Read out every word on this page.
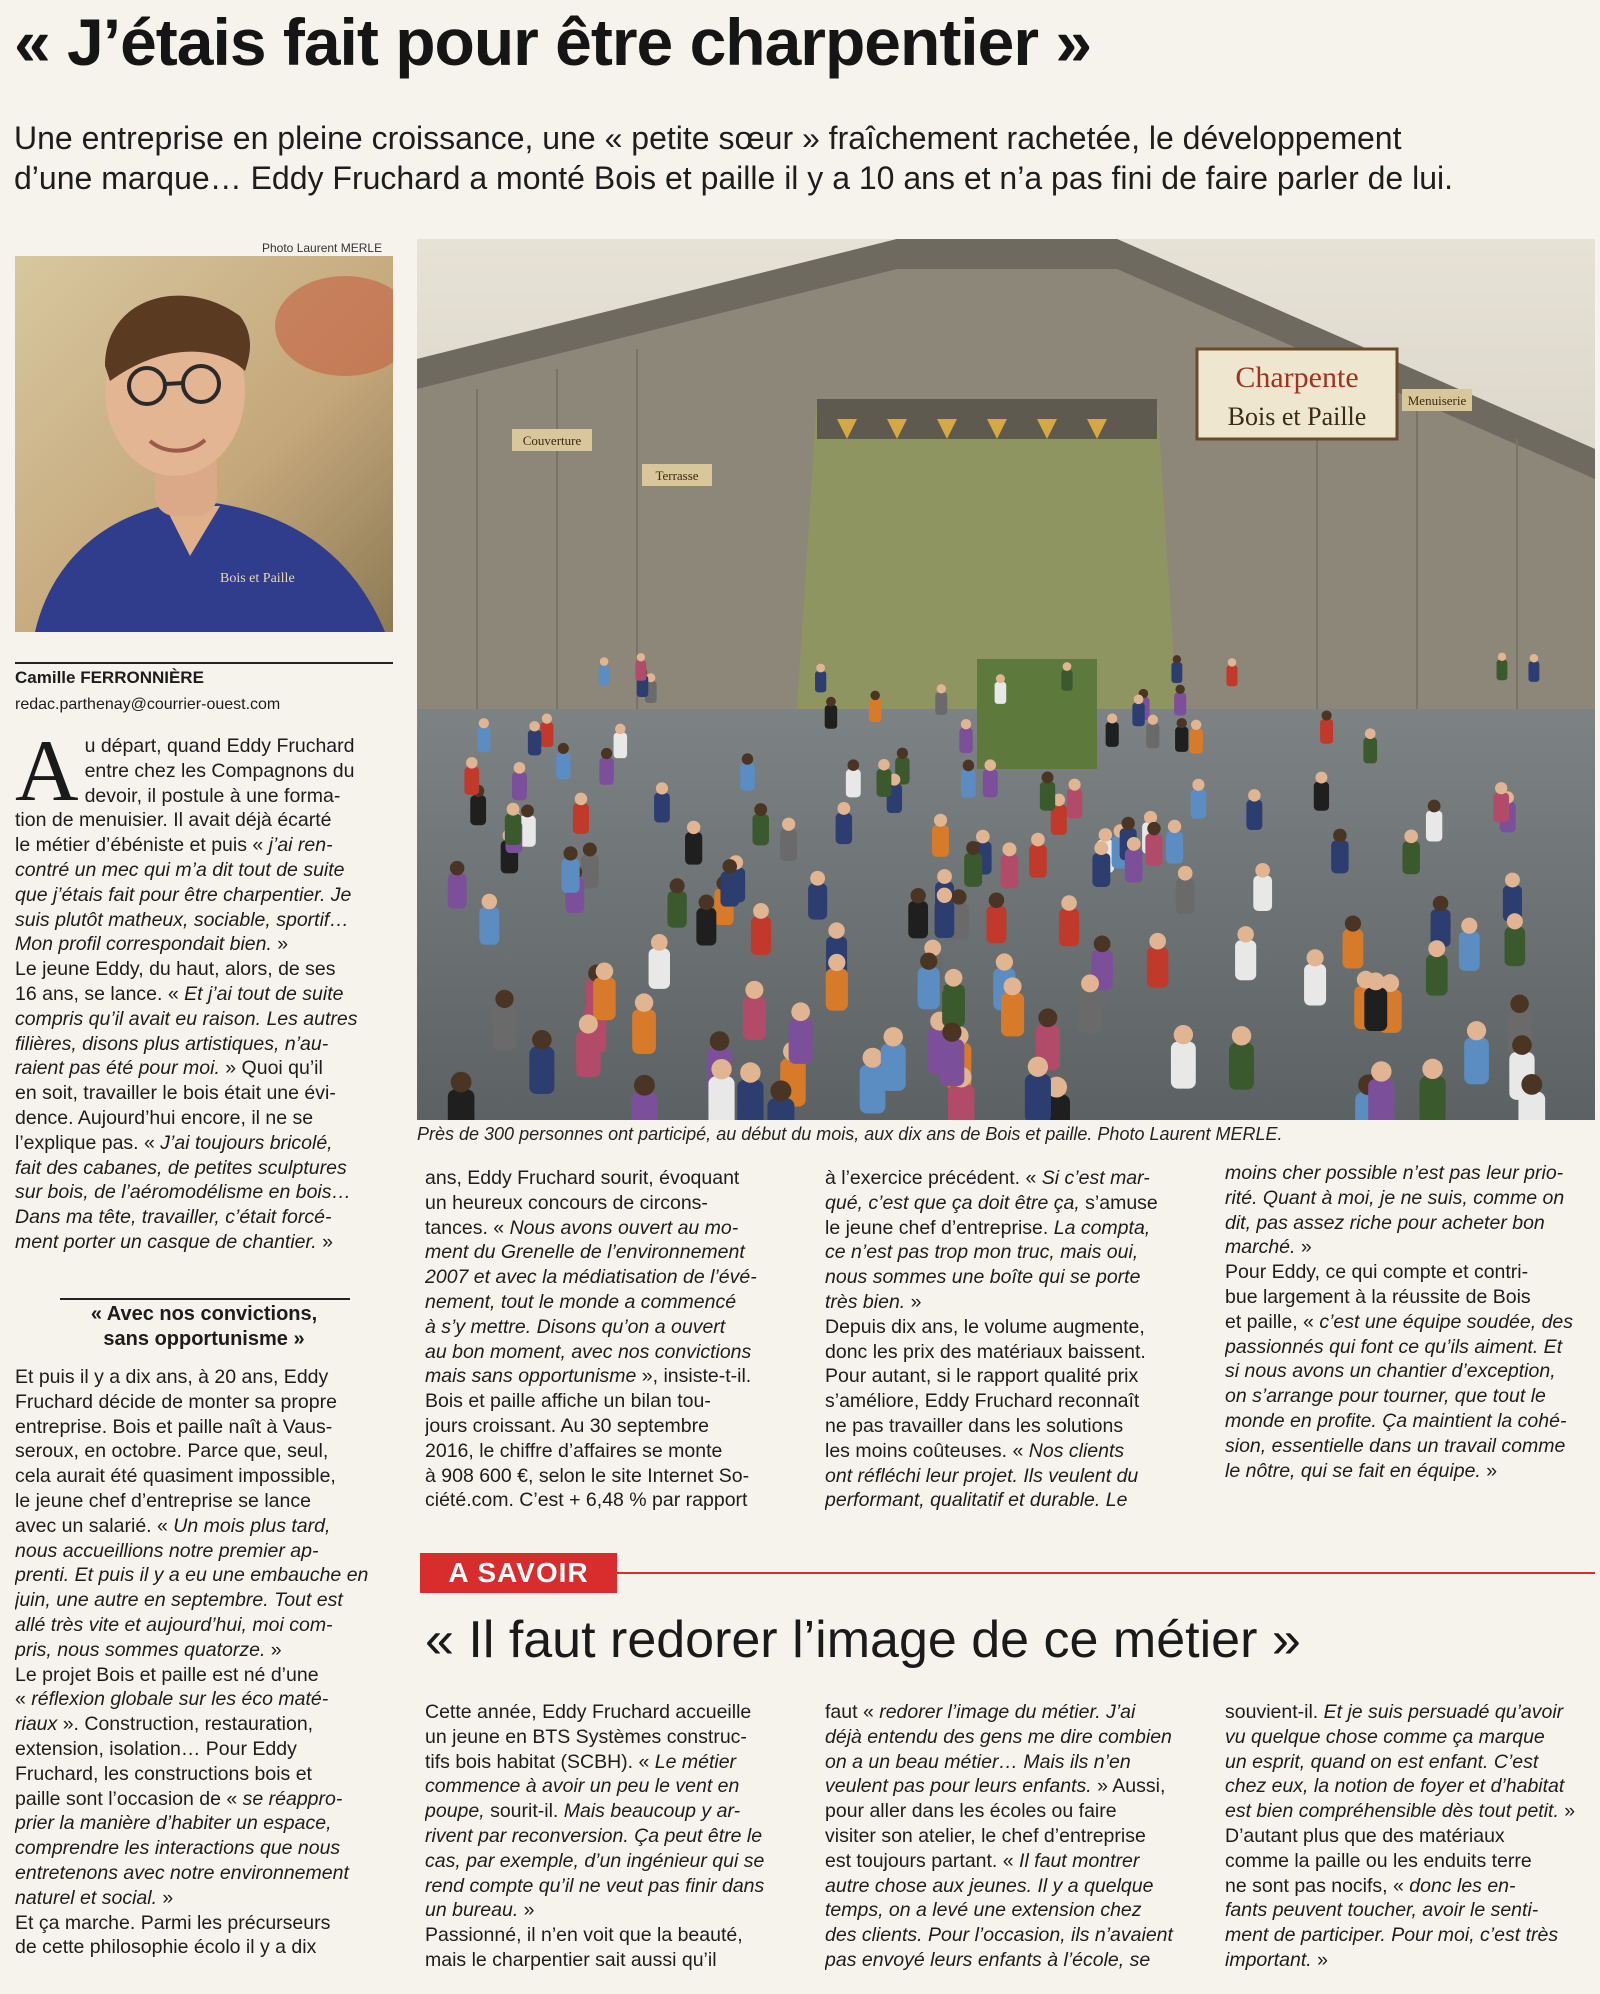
« J’étais fait pour être charpentier »
Une entreprise en pleine croissance, une « petite sœur » fraîchement rachetée, le développement
d’une marque… Eddy Fruchard a monté Bois et paille il y a 10 ans et n’a pas fini de faire parler de lui.
Photo Laurent MERLE
Bois et Paille
Camille FERRONNIÈRE
redac.parthenay@courrier-ouest.com
Charpente
Bois et Paille
Menuiserie
Terrasse
Couverture
Près de 300 personnes ont participé, au début du mois, aux dix ans de Bois et paille. Photo Laurent MERLE.
A u départ, quand Eddy Fruchard
entre chez les Compagnons du
devoir, il postule à une forma-
tion de menuisier. Il avait déjà écarté
le métier d’ébéniste et puis « j’ai ren-
contré un mec qui m’a dit tout de suite
que j’étais fait pour être charpentier. Je
suis plutôt matheux, sociable, sportif…
Mon profil correspondait bien. »
Le jeune Eddy, du haut, alors, de ses
16 ans, se lance. « Et j’ai tout de suite
compris qu’il avait eu raison. Les autres
filières, disons plus artistiques, n’au-
raient pas été pour moi. » Quoi qu’il
en soit, travailler le bois était une évi-
dence. Aujourd’hui encore, il ne se
l’explique pas. « J’ai toujours bricolé,
fait des cabanes, de petites sculptures
sur bois, de l’aéromodélisme en bois…
Dans ma tête, travailler, c’était forcé-
ment porter un casque de chantier. »
« Avec nos convictions,
sans opportunisme »
Et puis il y a dix ans, à 20 ans, Eddy
Fruchard décide de monter sa propre
entreprise. Bois et paille naît à Vaus-
seroux, en octobre. Parce que, seul,
cela aurait été quasiment impossible,
le jeune chef d’entreprise se lance
avec un salarié. « Un mois plus tard,
nous accueillions notre premier ap-
prenti. Et puis il y a eu une embauche en
juin, une autre en septembre. Tout est
allé très vite et aujourd’hui, moi com-
pris, nous sommes quatorze. »
Le projet Bois et paille est né d’une
« réflexion globale sur les éco maté-
riaux ». Construction, restauration,
extension, isolation… Pour Eddy
Fruchard, les constructions bois et
paille sont l’occasion de « se réappro-
prier la manière d’habiter un espace,
comprendre les interactions que nous
entretenons avec notre environnement
naturel et social. »
Et ça marche. Parmi les précurseurs
de cette philosophie écolo il y a dix
ans, Eddy Fruchard sourit, évoquant
un heureux concours de circons-
tances. « Nous avons ouvert au mo-
ment du Grenelle de l’environnement
2007 et avec la médiatisation de l’évé-
nement, tout le monde a commencé
à s’y mettre. Disons qu’on a ouvert
au bon moment, avec nos convictions
mais sans opportunisme », insiste-t-il.
Bois et paille affiche un bilan tou-
jours croissant. Au 30 septembre
2016, le chiffre d’affaires se monte
à 908 600 €, selon le site Internet So-
ciété.com. C’est + 6,48 % par rapport
à l’exercice précédent. « Si c’est mar-
qué, c’est que ça doit être ça, s’amuse
le jeune chef d’entreprise. La compta,
ce n’est pas trop mon truc, mais oui,
nous sommes une boîte qui se porte
très bien. »
Depuis dix ans, le volume augmente,
donc les prix des matériaux baissent.
Pour autant, si le rapport qualité prix
s’améliore, Eddy Fruchard reconnaît
ne pas travailler dans les solutions
les moins coûteuses. « Nos clients
ont réfléchi leur projet. Ils veulent du
performant, qualitatif et durable. Le
moins cher possible n’est pas leur prio-
rité. Quant à moi, je ne suis, comme on
dit, pas assez riche pour acheter bon
marché. »
Pour Eddy, ce qui compte et contri-
bue largement à la réussite de Bois
et paille, « c’est une équipe soudée, des
passionnés qui font ce qu’ils aiment. Et
si nous avons un chantier d’exception,
on s’arrange pour tourner, que tout le
monde en profite. Ça maintient la cohé-
sion, essentielle dans un travail comme
le nôtre, qui se fait en équipe. »
A SAVOIR
« Il faut redorer l’image de ce métier »
Cette année, Eddy Fruchard accueille
un jeune en BTS Systèmes construc-
tifs bois habitat (SCBH). « Le métier
commence à avoir un peu le vent en
poupe, sourit-il. Mais beaucoup y ar-
rivent par reconversion. Ça peut être le
cas, par exemple, d’un ingénieur qui se
rend compte qu’il ne veut pas finir dans
un bureau. »
Passionné, il n’en voit que la beauté,
mais le charpentier sait aussi qu’il
faut « redorer l’image du métier. J’ai
déjà entendu des gens me dire combien
on a un beau métier… Mais ils n’en
veulent pas pour leurs enfants. » Aussi,
pour aller dans les écoles ou faire
visiter son atelier, le chef d’entreprise
est toujours partant. « Il faut montrer
autre chose aux jeunes. Il y a quelque
temps, on a levé une extension chez
des clients. Pour l’occasion, ils n’avaient
pas envoyé leurs enfants à l’école, se
souvient-il. Et je suis persuadé qu’avoir
vu quelque chose comme ça marque
un esprit, quand on est enfant. C’est
chez eux, la notion de foyer et d’habitat
est bien compréhensible dès tout petit. »
D’autant plus que des matériaux
comme la paille ou les enduits terre
ne sont pas nocifs, « donc les en-
fants peuvent toucher, avoir le senti-
ment de participer. Pour moi, c’est très
important. »
